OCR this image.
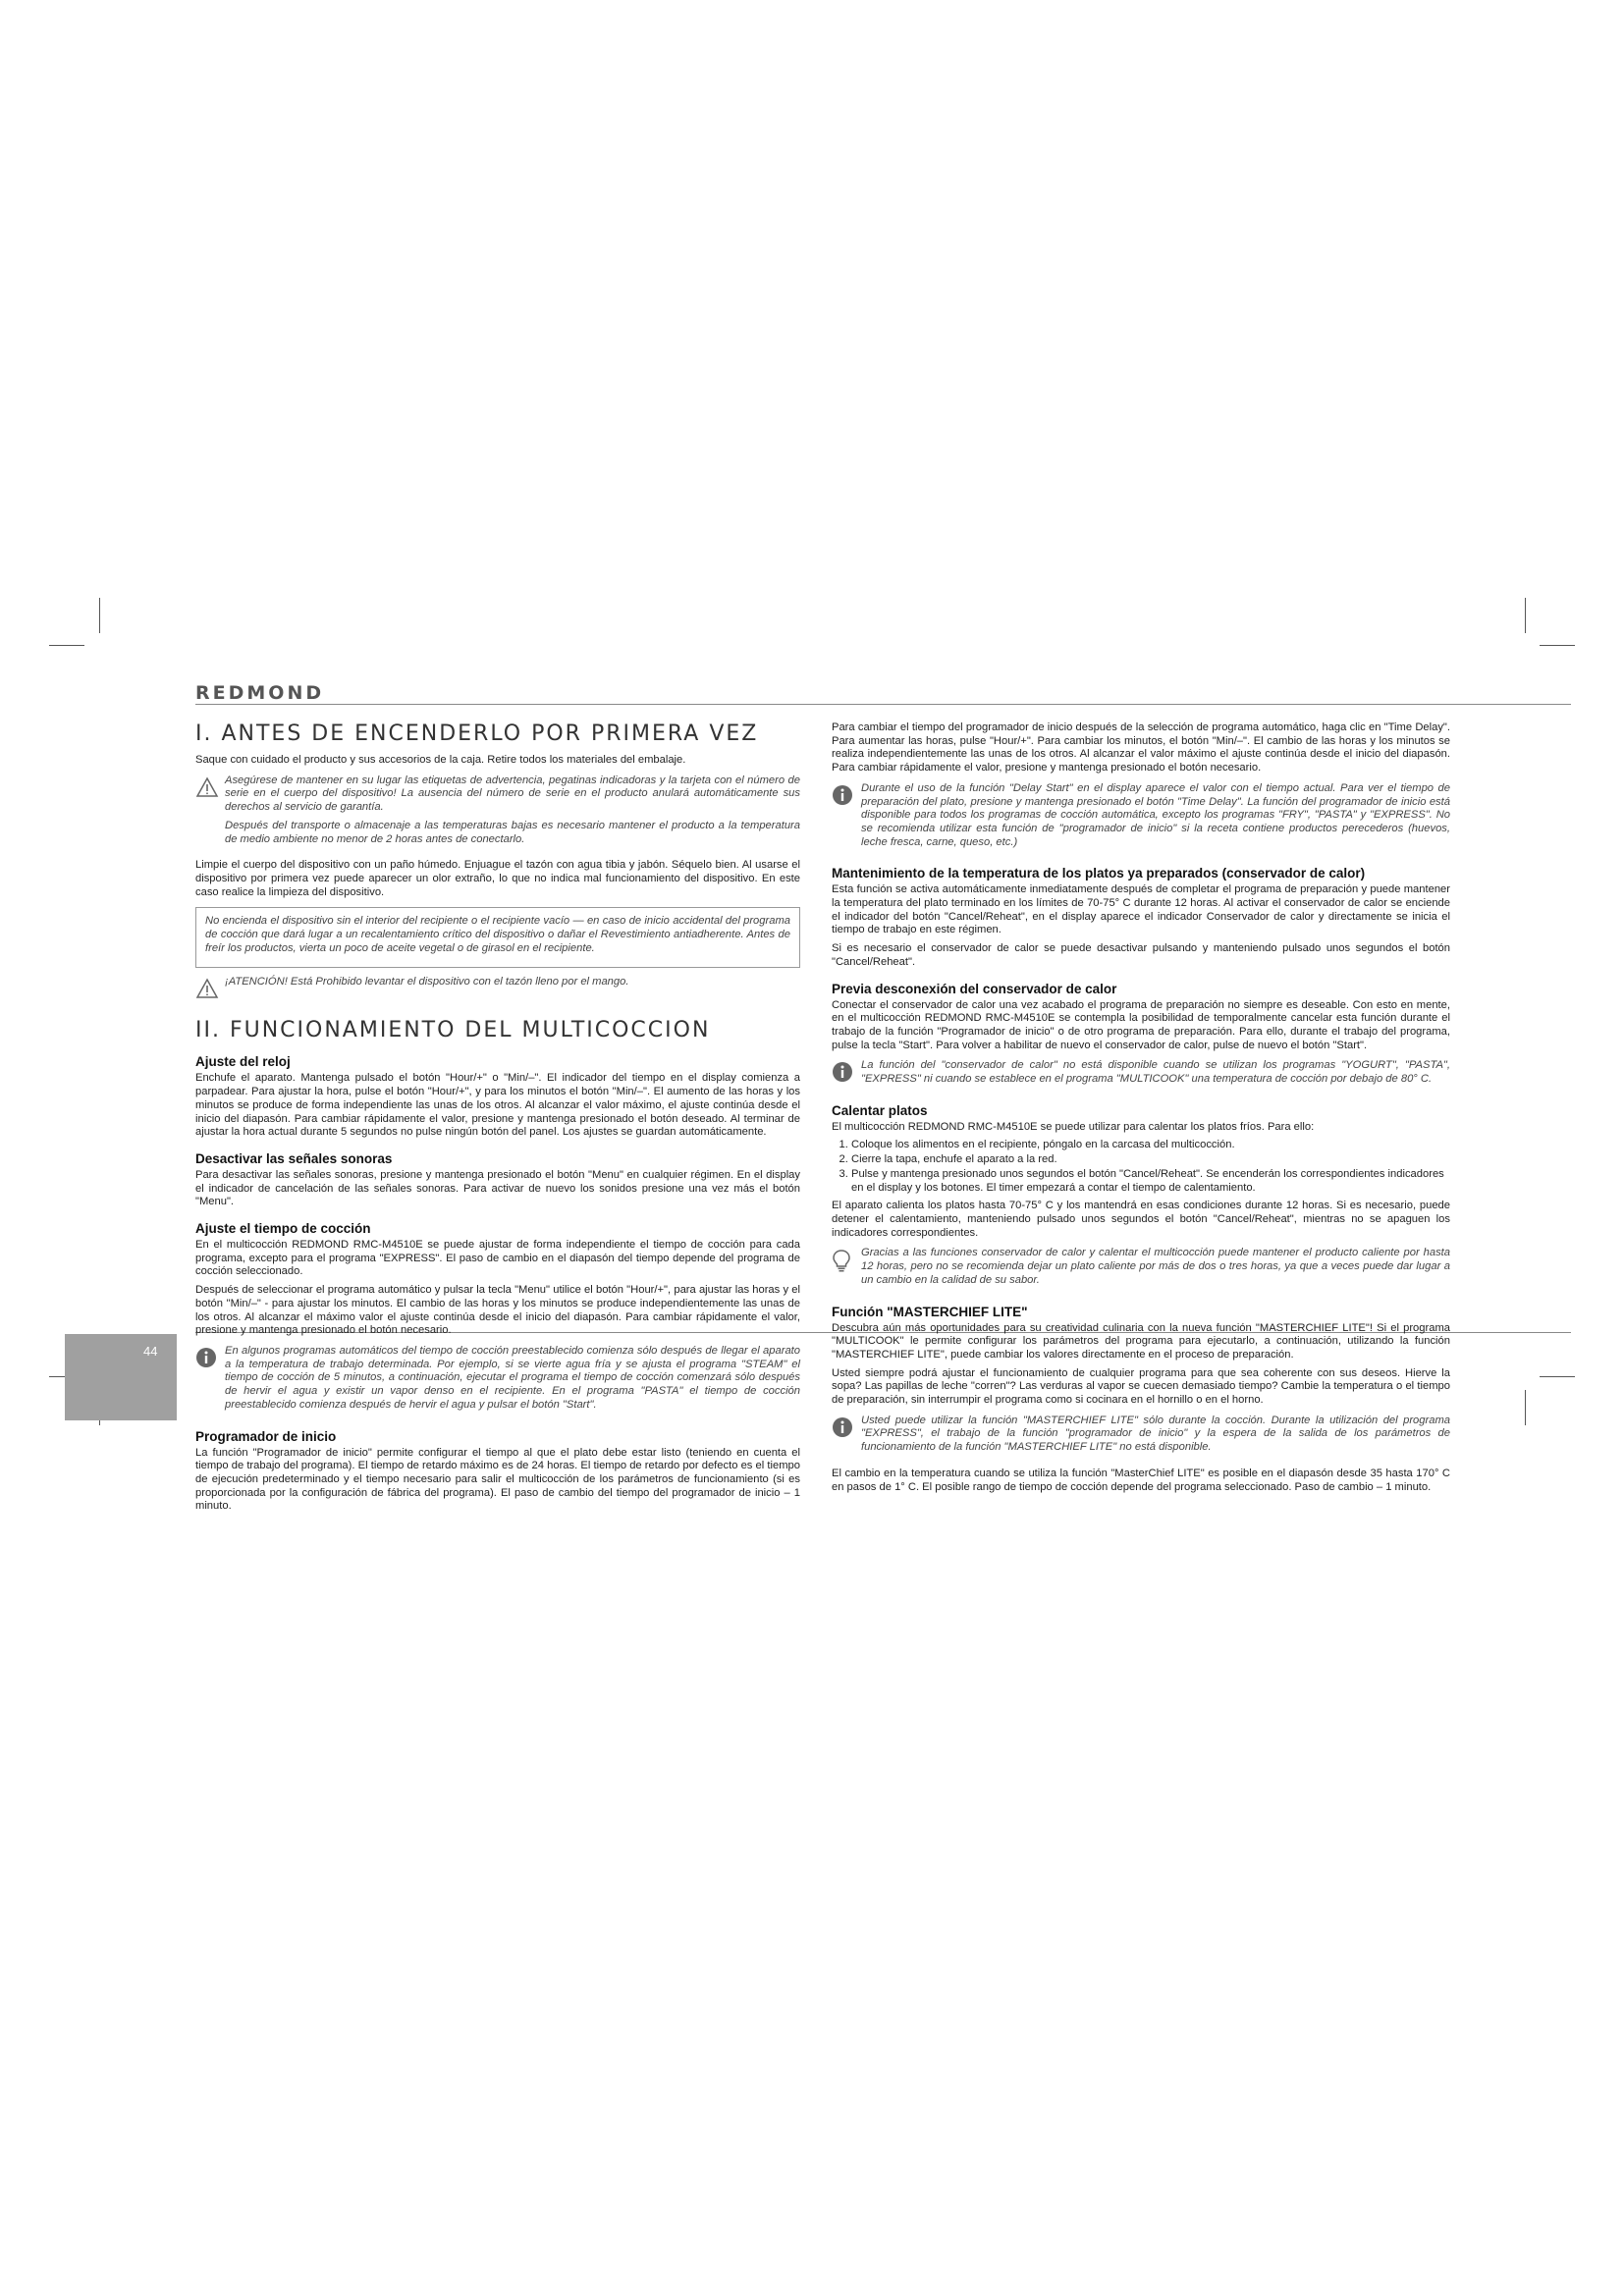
REDMOND
I. ANTES DE ENCENDERLO POR PRIMERA VEZ

Saque con cuidado el producto y sus accesorios de la caja. Retire todos los materiales del embalaje.

Asegúrese de mantener en su lugar las etiquetas de advertencia, pegatinas indicadoras y la tarjeta con el número de serie en el cuerpo del dispositivo! La ausencia del número de serie en el producto anulará automáticamente sus derechos al servicio de garantía.

Después del transporte o almacenaje a las temperaturas bajas es necesario mantener el producto a la temperatura de medio ambiente no menor de 2 horas antes de conectarlo.

Limpie el cuerpo del dispositivo con un paño húmedo. Enjuague el tazón con agua tibia y jabón. Séquelo bien. Al usarse el dispositivo por primera vez puede aparecer un olor extraño, lo que no indica mal funcionamiento del dispositivo. En este caso realice la limpieza del dispositivo.

No encienda el dispositivo sin el interior del recipiente o el recipiente vacío — en caso de inicio accidental del programa de cocción que dará lugar a un recalentamiento crítico del dispositivo o dañar el Revestimiento antiadherente. Antes de freír los productos, vierta un poco de aceite vegetal o de girasol en el recipiente.

¡ATENCIÓN! Está Prohibido levantar el dispositivo con el tazón lleno por el mango.

II. FUNCIONAMIENTO DEL MULTICOCCION
Ajuste del reloj

Enchufe el aparato. Mantenga pulsado el botón "Hour/+" o "Min/–". El indicador del tiempo en el display comienza a parpadear. Para ajustar la hora, pulse el botón "Hour/+", y para los minutos el botón "Min/–". El aumento de las horas y los minutos se produce de forma independiente las unas de los otros. Al alcanzar el valor máximo, el ajuste continúa desde el inicio del diapasón. Para cambiar rápidamente el valor, presione y mantenga presionado el botón deseado. Al terminar de ajustar la hora actual durante 5 segundos no pulse ningún botón del panel. Los ajustes se guardan automáticamente.

Desactivar las señales sonoras

Para desactivar las señales sonoras, presione y mantenga presionado el botón "Menu" en cualquier régimen. En el display el indicador de cancelación de las señales sonoras. Para activar de nuevo los sonidos presione una vez más el botón "Menu".

Ajuste el tiempo de cocción

En el multicocción REDMOND RMC-M4510E se puede ajustar de forma independiente el tiempo de cocción para cada programa, excepto para el programa "EXPRESS". El paso de cambio en el diapasón del tiempo depende del programa de cocción seleccionado.

Después de seleccionar el programa automático y pulsar la tecla "Menu" utilice el botón "Hour/+", para ajustar las horas y el botón "Min/–" - para ajustar los minutos. El cambio de las horas y los minutos se produce independientemente las unas de los otros. Al alcanzar el máximo valor el ajuste continúa desde el inicio del diapasón. Para cambiar rápidamente el valor, presione y mantenga presionado el botón necesario.

En algunos programas automáticos del tiempo de cocción preestablecido comienza sólo después de llegar el aparato a la temperatura de trabajo determinada. Por ejemplo, si se vierte agua fría y se ajusta el programa "STEAM" el tiempo de cocción de 5 minutos, a continuación, ejecutar el programa el tiempo de cocción comenzará sólo después de hervir el agua y existir un vapor denso en el recipiente. En el programa "PASTA" el tiempo de cocción preestablecido comienza después de hervir el agua y pulsar el botón "Start".

Programador de inicio

La función "Programador de inicio" permite configurar el tiempo al que el plato debe estar listo (teniendo en cuenta el tiempo de trabajo del programa). El tiempo de retardo máximo es de 24 horas. El tiempo de retardo por defecto es el tiempo de ejecución predeterminado y el tiempo necesario para salir el multicocción de los parámetros de funcionamiento (si es proporcionada por la configuración de fábrica del programa). El paso de cambio del tiempo del programador de inicio – 1 minuto.

Para cambiar el tiempo del programador de inicio después de la selección de programa automático, haga clic en "Time Delay". Para aumentar las horas, pulse "Hour/+". Para cambiar los minutos, el botón "Min/–". El cambio de las horas y los minutos se realiza independientemente las unas de los otros. Al alcanzar el valor máximo el ajuste continúa desde el inicio del diapasón. Para cambiar rápidamente el valor, presione y mantenga presionado el botón necesario.

Durante el uso de la función "Delay Start" en el display aparece el valor con el tiempo actual. Para ver el tiempo de preparación del plato, presione y mantenga presionado el botón "Time Delay". La función del programador de inicio está disponible para todos los programas de cocción automática, excepto los programas "FRY", "PASTA" y "EXPRESS". No se recomienda utilizar esta función de "programador de inicio" si la receta contiene productos perecederos (huevos, leche fresca, carne, queso, etc.)

Mantenimiento de la temperatura de los platos ya preparados (conservador de calor)

Esta función se activa automáticamente inmediatamente después de completar el programa de preparación y puede mantener la temperatura del plato terminado en los límites de 70-75° C durante 12 horas. Al activar el conservador de calor se enciende el indicador del botón "Cancel/Reheat", en el display aparece el indicador Conservador de calor y directamente se inicia el tiempo de trabajo en este régimen.

Si es necesario el conservador de calor se puede desactivar pulsando y manteniendo pulsado unos segundos el botón "Cancel/Reheat".

Previa desconexión del conservador de calor

Conectar el conservador de calor una vez acabado el programa de preparación no siempre es deseable. Con esto en mente, en el multicocción REDMOND RMC-M4510E se contempla la posibilidad de temporalmente cancelar esta función durante el trabajo de la función "Programador de inicio" o de otro programa de preparación. Para ello, durante el trabajo del programa, pulse la tecla "Start". Para volver a habilitar de nuevo el conservador de calor, pulse de nuevo el botón "Start".

La función del "conservador de calor" no está disponible cuando se utilizan los programas "YOGURT", "PASTA", "EXPRESS" ni cuando se establece en el programa "MULTICOOK" una temperatura de cocción por debajo de 80° C.

Calentar platos

El multicocción REDMOND RMC-M4510E se puede utilizar para calentar los platos fríos. Para ello:

1. Coloque los alimentos en el recipiente, póngalo en la carcasa del multicocción.
2. Cierre la tapa, enchufe el aparato a la red.
3. Pulse y mantenga presionado unos segundos el botón "Cancel/Reheat". Se encenderán los correspondientes indicadores en el display y los botones. El timer empezará a contar el tiempo de calentamiento.

El aparato calienta los platos hasta 70-75° C y los mantendrá en esas condiciones durante 12 horas. Si es necesario, puede detener el calentamiento, manteniendo pulsado unos segundos el botón "Cancel/Reheat", mientras no se apaguen los indicadores correspondientes.

Gracias a las funciones conservador de calor y calentar el multicocción puede mantener el producto caliente por hasta 12 horas, pero no se recomienda dejar un plato caliente por más de dos o tres horas, ya que a veces puede dar lugar a un cambio en la calidad de su sabor.

Función "MASTERCHIEF LITE"

Descubra aún más oportunidades para su creatividad culinaria con la nueva función "MASTERCHIEF LITE"! Si el programa "MULTICOOK" le permite configurar los parámetros del programa para ejecutarlo, a continuación, utilizando la función "MASTERCHIEF LITE", puede cambiar los valores directamente en el proceso de preparación.

Usted siempre podrá ajustar el funcionamiento de cualquier programa para que sea coherente con sus deseos. Hierve la sopa? Las papillas de leche "corren"? Las verduras al vapor se cuecen demasiado tiempo? Cambie la temperatura o el tiempo de preparación, sin interrumpir el programa como si cocinara en el hornillo o en el horno.

Usted puede utilizar la función "MASTERCHIEF LITE" sólo durante la cocción. Durante la utilización del programa "EXPRESS", el trabajo de la función "programador de inicio" y la espera de la salida de los parámetros de funcionamiento de la función "MASTERCHIEF LITE" no está disponible.

El cambio en la temperatura cuando se utiliza la función "MasterChief LITE" es posible en el diapasón desde 35 hasta 170° C en pasos de 1° C. El posible rango de tiempo de cocción depende del programa seleccionado. Paso de cambio – 1 minuto.

44
